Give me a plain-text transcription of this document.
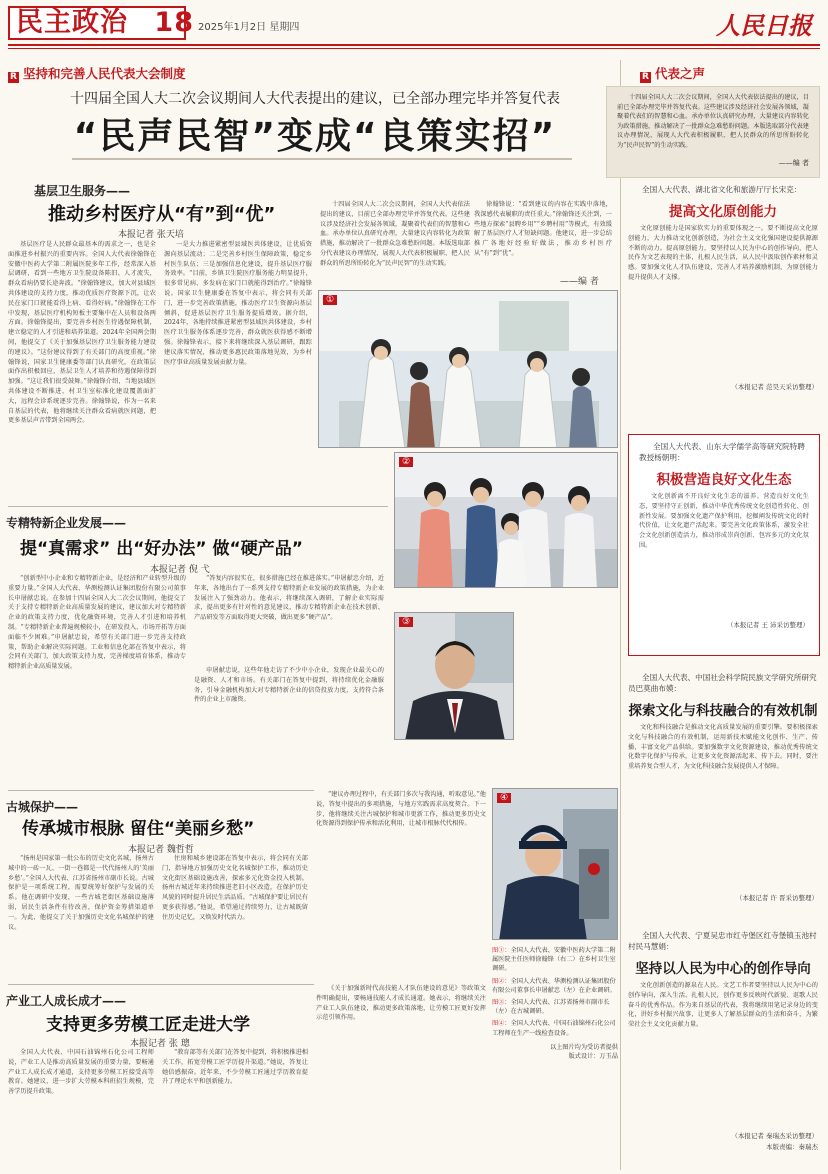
民主政治 18 2025年1月2日 星期四	人民日报
R 坚持和完善人民代表大会制度	R 代表之声
十四届全国人大二次会议期间人大代表提出的建议，已全部办理完毕并答复代表
“民声民智”变成“良策实招”
基层卫生服务——
推动乡村医疗从“有”到“优”
本报记者 张天培
基层医疗是人民群众最基本的需求之一，也是全面推进乡村振兴的重要内容。全国人大代表徐翰锋在安徽中医药大学第二附属医院多年工作，经常深入基层调研，看到一些地方卫生院设备陈旧、人才流失，群众看病仍要长途奔波。“徐翰锋建议，加大对县域医共体建设的支持力度，推动优质医疗资源下沉，让农民在家门口就能看得上病、看得好病。”徐翰锋在工作中发现，基层医疗机构短板主要集中在人员和设备两方面。徐翰锋提出，要完善乡村医生待遇保障机制，建立稳定的人才引进和培养渠道。2024年全国两会期间，他提交了《关于加强基层医疗卫生服务能力建设的建议》。“这份建议得到了有关部门的高度重视。”徐翰锋说，国家卫生健康委等部门认真研究，在政策层面作出积极回应，基层卫生人才培养和待遇保障得到加强。“这让我们很受鼓舞。”徐翰锋介绍，当地县域医共体建设不断推进，村卫生室标准化建设覆盖面扩大，远程会诊系统逐步完善。徐翰锋说，作为一名来自基层的代表，他将继续关注群众看病就医问题，把更多基层声音带到全国两会。
一是大力推进紧密型县域医共体建设，让优质资源向基层流动；二是完善乡村医生保障政策，稳定乡村医生队伍；三是加强信息化建设，提升基层医疗服务效率。“目前，乡镇卫生院医疗服务能力明显提升，很多常见病、多发病在家门口就能得到治疗。”徐翰锋说。国家卫生健康委在答复中表示，将会同有关部门，进一步完善政策措施，推动医疗卫生资源向基层倾斜，促进基层医疗卫生服务提质增效。据介绍，2024年，各地持续推进紧密型县域医共体建设，乡村医疗卫生服务体系逐步完善，群众就医获得感不断增强。徐翰锋表示，接下来将继续深入基层调研，跟踪建议落实情况，推动更多惠民政策落地见效，为乡村医疗事业高质量发展贡献力量。
十四届全国人大二次会议期间，全国人大代表依法提出的建议，目前已全部办理完毕并答复代表。这些建议涉及经济社会发展各领域，凝聚着代表们的智慧和心血。承办单位认真研究办理，大量建议内容转化为政策措施，推动解决了一批群众急难愁盼问题。本版选取部分代表建议办理情况，展现人大代表积极履职、把人民群众的所思所盼转化为“民声民智”的生动实践。
——编 者
徐翰锋说：“看到建议的内容在实践中落地，我深感代表履职的责任重大。”徐翰锋还关注到，一些地方探索“县聘乡用”“乡聘村用”等模式，有效缓解了基层医疗人才短缺问题。他建议，进一步总结推广各地好经验好做法，推动乡村医疗从“有”到“优”。
①
②
专精特新企业发展——
提“真需求” 出“好办法” 做“硬产品”
本报记者 倪 弋
“创新型中小企业和专精特新企业，是经济和产业转型升级的重要力量。”全国人大代表、华测检测认证集团股份有限公司董事长申屠献忠说。在参加十四届全国人大二次会议期间，他提交了关于支持专精特新企业高质量发展的建议，建议加大对专精特新企业的政策支持力度，优化融资环境，完善人才引进和培养机制。“专精特新企业普遍规模较小，在研发投入、市场开拓等方面面临不少困难。”申屠献忠说，希望有关部门进一步完善支持政策，帮助企业解决实际问题。工业和信息化部在答复中表示，将会同有关部门，加大政策支持力度，完善梯度培育体系，推动专精特新企业高质量发展。
“答复内容很实在，很多措施已经在推进落实。”申屠献忠介绍，近年来，各地出台了一系列支持专精特新企业发展的政策措施，为企业发展注入了强劲动力。他表示，将继续深入调研，了解企业实际需求，提出更多有针对性的意见建议，推动专精特新企业在技术创新、产品研发等方面取得更大突破，做出更多“硬产品”。
申屠献忠说，这些年他走访了不少中小企业，发现企业最关心的是融资、人才和市场。有关部门在答复中提到，将持续优化金融服务，引导金融机构加大对专精特新企业的信贷投放力度，支持符合条件的企业上市融资。
③
④
古城保护——
传承城市根脉 留住“美丽乡愁”
本报记者 魏哲哲
“扬州是国家第一批公布的历史文化名城，扬州古城中的一砖一瓦、一街一巷都是一代代扬州人的‘美丽乡愁’。”全国人大代表、江苏省扬州市副市长说。古城保护是一项系统工程，需要统筹好保护与发展的关系。他在调研中发现，一些古城老街区基础设施薄弱，居民生活条件有待改善，保护资金筹措渠道单一。为此，他提交了关于加强历史文化名城保护的建议。
住房和城乡建设部在答复中表示，将会同有关部门，指导地方加强历史文化名城保护工作，推动历史文化街区基础设施改善，探索多元化资金投入机制。扬州古城近年来持续推进老旧小区改造，在保护历史风貌的同时提升居民生活品质。“古城保护要让居民有更多获得感。”他说，希望通过持续努力，让古城既留住历史记忆，又焕发时代活力。
“建议办理过程中，有关部门多次与我沟通，听取意见。”他说，答复中提出的多项措施，与地方实践需求高度契合。下一步，他将继续关注古城保护和城市更新工作，推动更多历史文化资源得到保护传承和活化利用，让城市根脉代代相传。
产业工人成长成才——
支持更多劳模工匠走进大学
本报记者 张 璁
全国人大代表、中国石油锦州石化公司工程师说，产业工人是推动高质量发展的重要力量，要畅通产业工人成长成才通道，支持更多劳模工匠接受高等教育。她建议，进一步扩大劳模本科班招生规模，完善学历提升政策。
“教育部等有关部门在答复中提到，将积极推进相关工作，拓宽劳模工匠学历提升渠道。”她说，答复让她倍感振奋。近年来，不少劳模工匠通过学历教育提升了理论水平和创新能力。
《关于加强新时代高技能人才队伍建设的意见》等政策文件明确提出，要畅通技能人才成长通道。她表示，将继续关注产业工人队伍建设，推动更多政策落地，让劳模工匠更好发挥示范引领作用。
图①：全国人大代表、安徽中医药大学第二附属医院主任医师徐翰锋（右二）在乡村卫生室调研。
图②：全国人大代表、华测检测认证集团股份有限公司董事长申屠献忠（左）在企业调研。
图③：全国人大代表、江苏省扬州市副市长（左）在古城调研。
图④：全国人大代表、中国石油锦州石化公司工程师在生产一线检查设备。
以上图片均为受访者提供
版式设计：万玉晶
十四届全国人大二次会议期间，全国人大代表依法提出的建议，目前已全部办理完毕并答复代表。这些建议涉及经济社会发展各领域，凝聚着代表们的智慧和心血。承办单位认真研究办理，大量建议内容转化为政策措施，推动解决了一批群众急难愁盼问题。本版选取部分代表建议办理情况，展现人大代表积极履职、把人民群众的所思所盼转化为“民声民智”的生动实践。
——编 者
全国人大代表、湖北省文化和旅游厅厅长宋克：
提高文化原创能力
文化原创能力是国家软实力的重要体现之一。要不断提高文化原创能力，大力推动文化创新创造，为社会主义文化强国建设提供源源不断的动力。提高原创能力，要坚持以人民为中心的创作导向，把人民作为文艺表现的主体，扎根人民生活，从人民中汲取创作素材和灵感。要加强文化人才队伍建设，完善人才培养激励机制，为原创能力提升提供人才支撑。
（本报记者 范昊天采访整理）
全国人大代表、山东大学儒学高等研究院特聘教授杨朝明：
积极营造良好文化生态
文化创新离不开良好文化生态的滋养。营造良好文化生态，要坚持守正创新，推动中华优秀传统文化创造性转化、创新性发展。要加强文化遗产保护利用，挖掘阐发传统文化的时代价值，让文化遗产活起来。要完善文化政策体系，激发全社会文化创新创造活力，推动形成崇尚创新、包容多元的文化氛围。
（本报记者 王 沛采访整理）
全国人大代表、中国社会科学院民族文学研究所研究员巴莫曲布嫫：
探索文化与科技融合的有效机制
文化和科技融合是推动文化高质量发展的重要引擎。要积极探索文化与科技融合的有效机制，运用新技术赋能文化创作、生产、传播，丰富文化产品供给。要加强数字文化资源建设，推动优秀传统文化数字化保护与传承，让更多文化资源活起来、传下去。同时，要注重培养复合型人才，为文化科技融合发展提供人才保障。
（本报记者 许 晋采访整理）
全国人大代表、宁夏吴忠市红寺堡区红寺堡镇玉池村村民马慧娟：
坚持以人民为中心的创作导向
文化创新创造的源泉在人民。文艺工作者要坚持以人民为中心的创作导向，深入生活、扎根人民，创作更多反映时代新貌、讴歌人民奋斗的优秀作品。作为来自基层的代表，我将继续用笔记录身边的变化，讲好乡村振兴故事，让更多人了解基层群众的生活和奋斗，为繁荣社会主义文化贡献力量。
（本报记者 秦瑞杰采访整理）
本版责编：秦瑞杰
